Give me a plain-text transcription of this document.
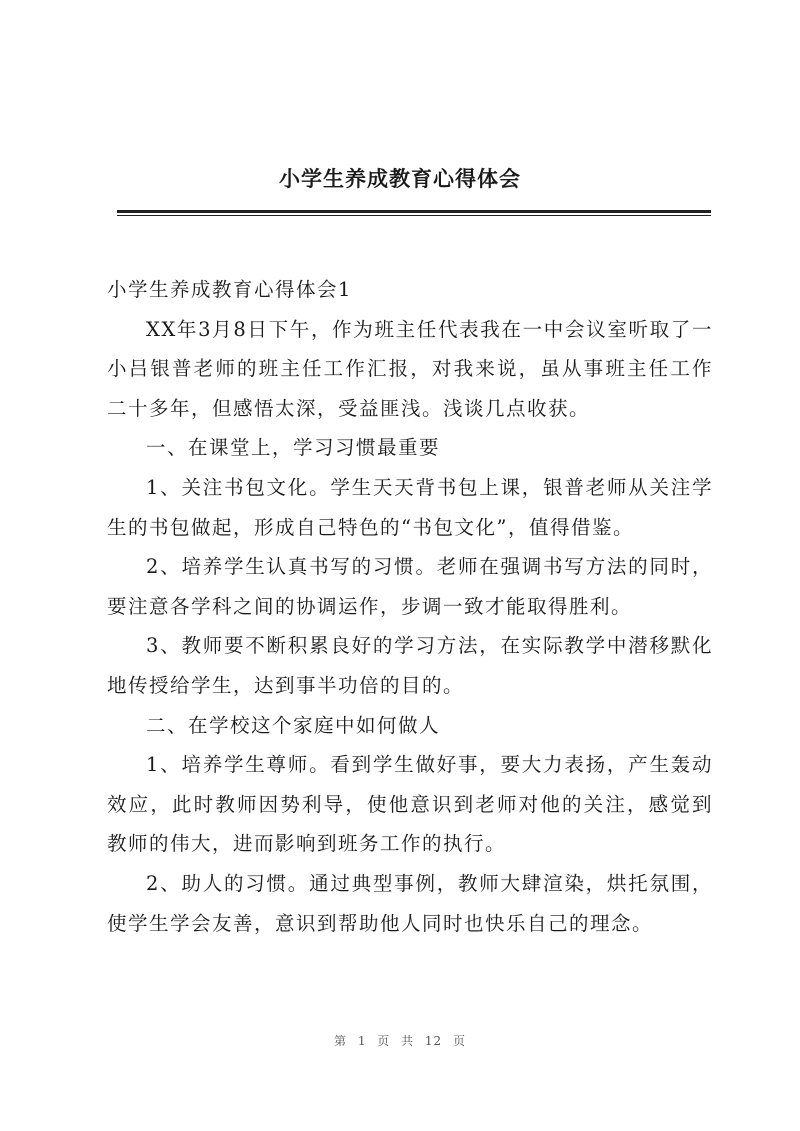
小学生养成教育心得体会

小学生养成教育心得体会1

XX年3月8日下午，作为班主任代表我在一中会议室听取了一小吕银普老师的班主任工作汇报，对我来说，虽从事班主任工作二十多年，但感悟太深，受益匪浅。浅谈几点收获。

一、在课堂上，学习习惯最重要

1、关注书包文化。学生天天背书包上课，银普老师从关注学生的书包做起，形成自己特色的“书包文化”，值得借鉴。

2、培养学生认真书写的习惯。老师在强调书写方法的同时，要注意各学科之间的协调运作，步调一致才能取得胜利。

3、教师要不断积累良好的学习方法，在实际教学中潜移默化地传授给学生，达到事半功倍的目的。

二、在学校这个家庭中如何做人

1、培养学生尊师。看到学生做好事，要大力表扬，产生轰动效应，此时教师因势利导，使他意识到老师对他的关注，感觉到教师的伟大，进而影响到班务工作的执行。

2、助人的习惯。通过典型事例，教师大肆渲染，烘托氛围，使学生学会友善，意识到帮助他人同时也快乐自己的理念。

第 1 页 共 12 页
